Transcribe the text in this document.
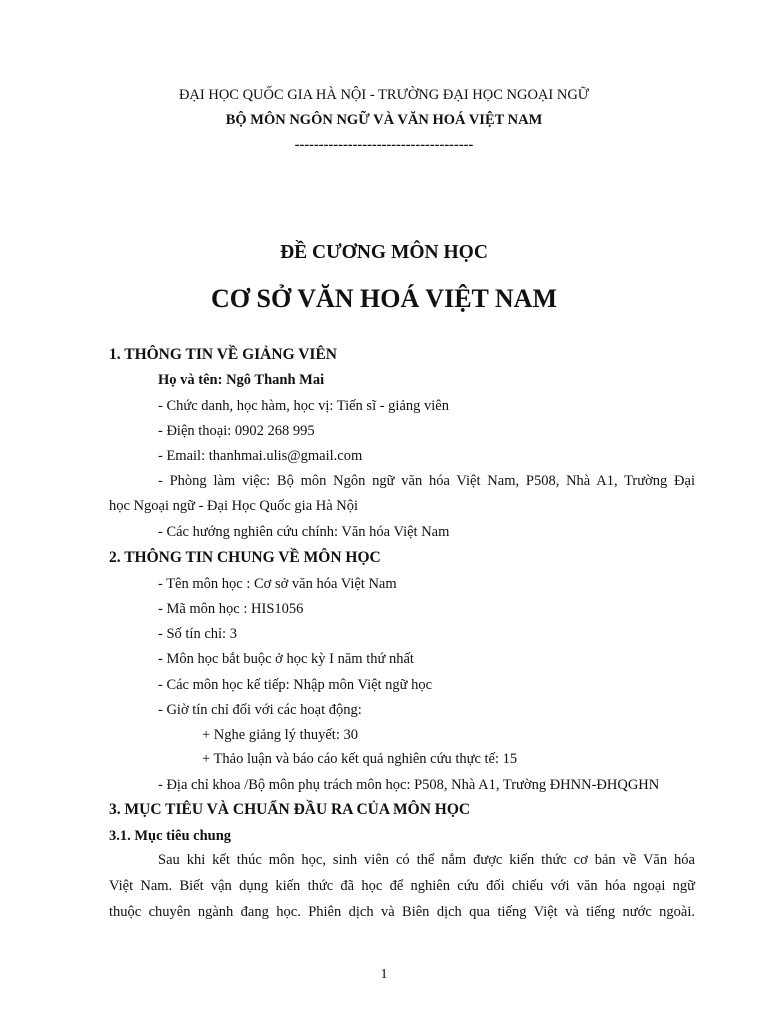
ĐẠI HỌC QUỐC GIA HÀ NỘI - TRƯỜNG ĐẠI HỌC NGOẠI NGỮ
BỘ MÔN NGÔN NGỮ VÀ VĂN HOÁ VIỆT NAM
-------------------------------------
ĐỀ CƯƠNG MÔN HỌC
CƠ SỞ VĂN HOÁ VIỆT NAM
1. THÔNG TIN VỀ GIẢNG VIÊN
Họ và tên: Ngô Thanh Mai
- Chức danh, học hàm, học vị: Tiến sĩ - giảng viên
- Điện thoại: 0902 268 995
- Email: thanhmai.ulis@gmail.com
- Phòng làm việc: Bộ môn Ngôn ngữ văn hóa Việt Nam, P508, Nhà A1, Trường Đại
học Ngoại ngữ - Đại Học Quốc gia Hà Nội
- Các hướng nghiên cứu chính: Văn hóa Việt Nam
2. THÔNG TIN CHUNG VỀ MÔN HỌC
- Tên môn học : Cơ sở văn hóa Việt Nam
- Mã môn học : HIS1056
- Số tín chỉ: 3
- Môn học bắt buộc ở học kỳ I năm thứ nhất
- Các môn học kế tiếp: Nhập môn Việt ngữ học
- Giờ tín chỉ đối với các hoạt động:
+ Nghe giảng lý thuyết: 30
+ Thảo luận và báo cáo kết quả nghiên cứu thực tế: 15
- Địa chỉ khoa /Bộ môn phụ trách môn học: P508, Nhà A1, Trường ĐHNN-ĐHQGHN
3. MỤC TIÊU VÀ CHUẨN ĐẦU RA CỦA MÔN HỌC
3.1. Mục tiêu chung
Sau khi kết thúc môn học, sinh viên có thể nắm được kiến thức cơ bản về Văn hóa
Việt Nam. Biết vận dụng kiến thức đã học để nghiên cứu đối chiếu với văn hóa ngoại ngữ
thuộc chuyên ngành đang học. Phiên dịch và Biên dịch qua tiếng Việt và tiếng nước ngoài.
1
